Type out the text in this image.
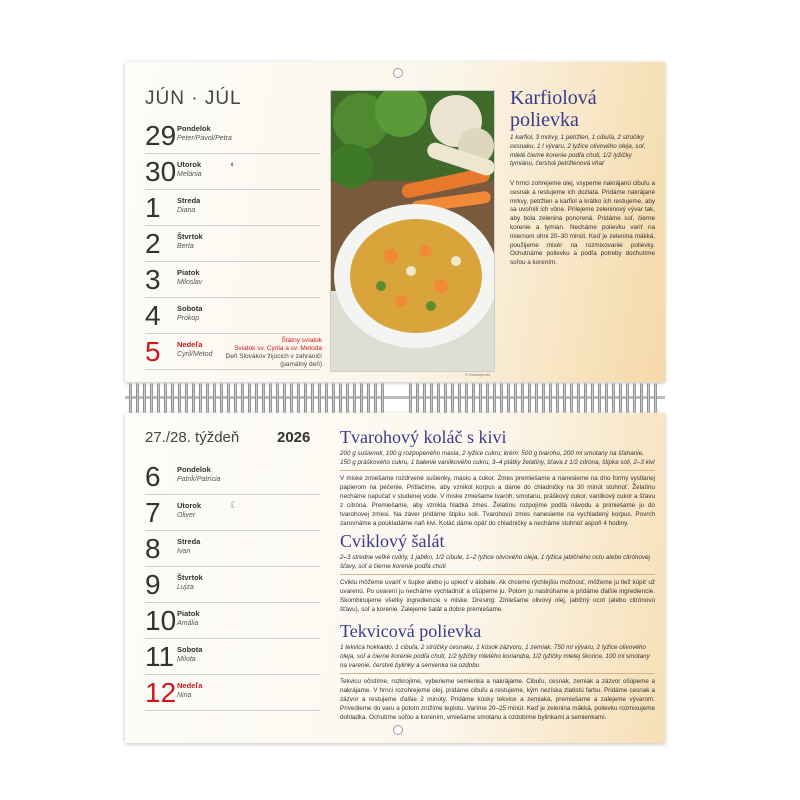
JÚN · JÚL
29 Pondelok
Peter/Pavol/Petra
30 Utorok
Melánia
◐
1 Streda
Diana
2 Štvrtok
Berta
3 Piatok
Miloslav
4 Sobota
Prokop
5 Nedeľa
Cyril/Metod
Štátny sviatok
Sviatok sv. Cyrila a sv. Metoda
Deň Slovákov žijúcich v zahraničí
(pamätný deň)
© iStockphoto
Karfiolová
polievka
1 karfiol, 3 mrkvy, 1 petržlen, 1 cibuľa, 2 strúčiky cesnaku, 1 l vývaru, 2 lyžice olivového oleja, soľ, mleté čierne korenie podľa chuti, 1/2 lyžičky tymiánu, čerstvá petržlenová vňať
V hrnci zohrejeme olej, vsypeme nakrájanú cibuľu a cesnak a restujeme ich dozlata. Pridáme nakrájané mrkvy, petržlen a karfiol a krátko ich restujeme, aby sa uvoľnili ich vône. Prilejeme zeleninový vývar tak, aby bola zelenina ponorená. Pridáme soľ, čierne korenie a tymian. Necháme polievku variť na miernom ohni 20–30 minút. Keď je zelenina mäkká, použijeme mixér na rozmixovanie polievky. Ochutnáme polievku a podľa potreby dochutíme soľou a korením.
27./28. týždeň	2026
6 Pondelok
Patrik/Patrícia
7 Utorok
Oliver
☾
8 Streda
Ivan
9 Štvrtok
Lujza
10 Piatok
Amália
11 Sobota
Milota
12 Nedeľa
Nina
Tvarohový koláč s kivi
200 g sušienok, 100 g rozpopeného masla, 2 lyžice cukru; krém: 500 g tvarohu, 200 ml smotany na šľahanie, 150 g práškového cukru, 1 balenie vanilkového cukru, 3–4 plátky želatíny, šťava z 1/2 citróna, štipka soli, 2–3 kivi
V miske zmiešame rozdrvené sušienky, maslo a cukor. Zmes premiešame a nanesieme na dno formy vystlanej papierom na pečenie. Pritlačíme, aby vznikol korpus a dáme do chladničky na 30 minút stuhnúť. Želatínu necháme napučať v studenej vode. V miske zmiešame tvaroh, smotanu, práškový cukor, vanilkový cukor a šťavu z citróna. Premiešame, aby vznikla hladká zmes. Želatínu rozpojíme podľa návodu a primiešame ju do tvarohovej zmesi. Na záver pridáme štipku soli. Tvarohovú zmes nanesieme na vychladený korpus. Povrch zarovnáme a poukladáme naň kivi. Koláč dáme opäť do chladničky a necháme stuhnúť aspoň 4 hodiny.
Cviklový šalát
2–3 stredne veľké cvikly, 1 jablko, 1/2 cibule, 1–2 lyžice olivového oleja, 1 lyžica jablčného octu alebo citrónovej šťavy, soľ a čierne korenie podľa chuti
Cviklu môžeme uvariť v šupke alebo ju upiecť v alobale. Ak chceme rýchlejšiu možnosť, môžeme ju tiež kúpiť už uvarenú. Po uvarení ju necháme vychladnúť a ošúpeme ju. Potom ju nastrúhame a pridáme ďalšie ingrediencie. Skombinujeme všetky ingrediencie v miske. Dresing: Zmiešame olivový olej, jablčný ocot (alebo citrónovú šťavu), soľ a korenie. Zalejeme šalát a dobre premiešame.
Tekvicová polievka
1 tekvica hokkaido, 1 cibuľa, 2 strúčiky cesnaku, 1 kúsok zázvoru, 1 zemiak, 750 ml vývaru, 2 lyžice olivového oleja, soľ a čierne korenie podľa chuti, 1/2 lyžičky mletého koriandra, 1/2 lyžičky mletej škorice, 100 ml smotany na varenie, čerstvé bylinky a semienka na ozdobu
Tekvicu očistíme, rozkrojíme, vyberieme semienka a nakrájame. Cibuľu, cesnak, zemiak a zázvor ošúpeme a nakrájame. V hrnci rozohrejeme olej, pridáme cibuľu a restujeme, kým nezíska zlatistú farbu. Pridáme cesnak a zázvor a restujeme ďalšie 2 minúty. Pridáme kúsky tekvice a zemiaka, premiešame a zalejeme vývarom. Privedieme do varu a potom znížime teplotu. Varíme 20–25 minút. Keď je zelenina mäkká, polievku rozmixujeme dohladka. Ochutíme soľou a korením, vmiešame smotanu a ozdobíme bylinkami a semienkami.
